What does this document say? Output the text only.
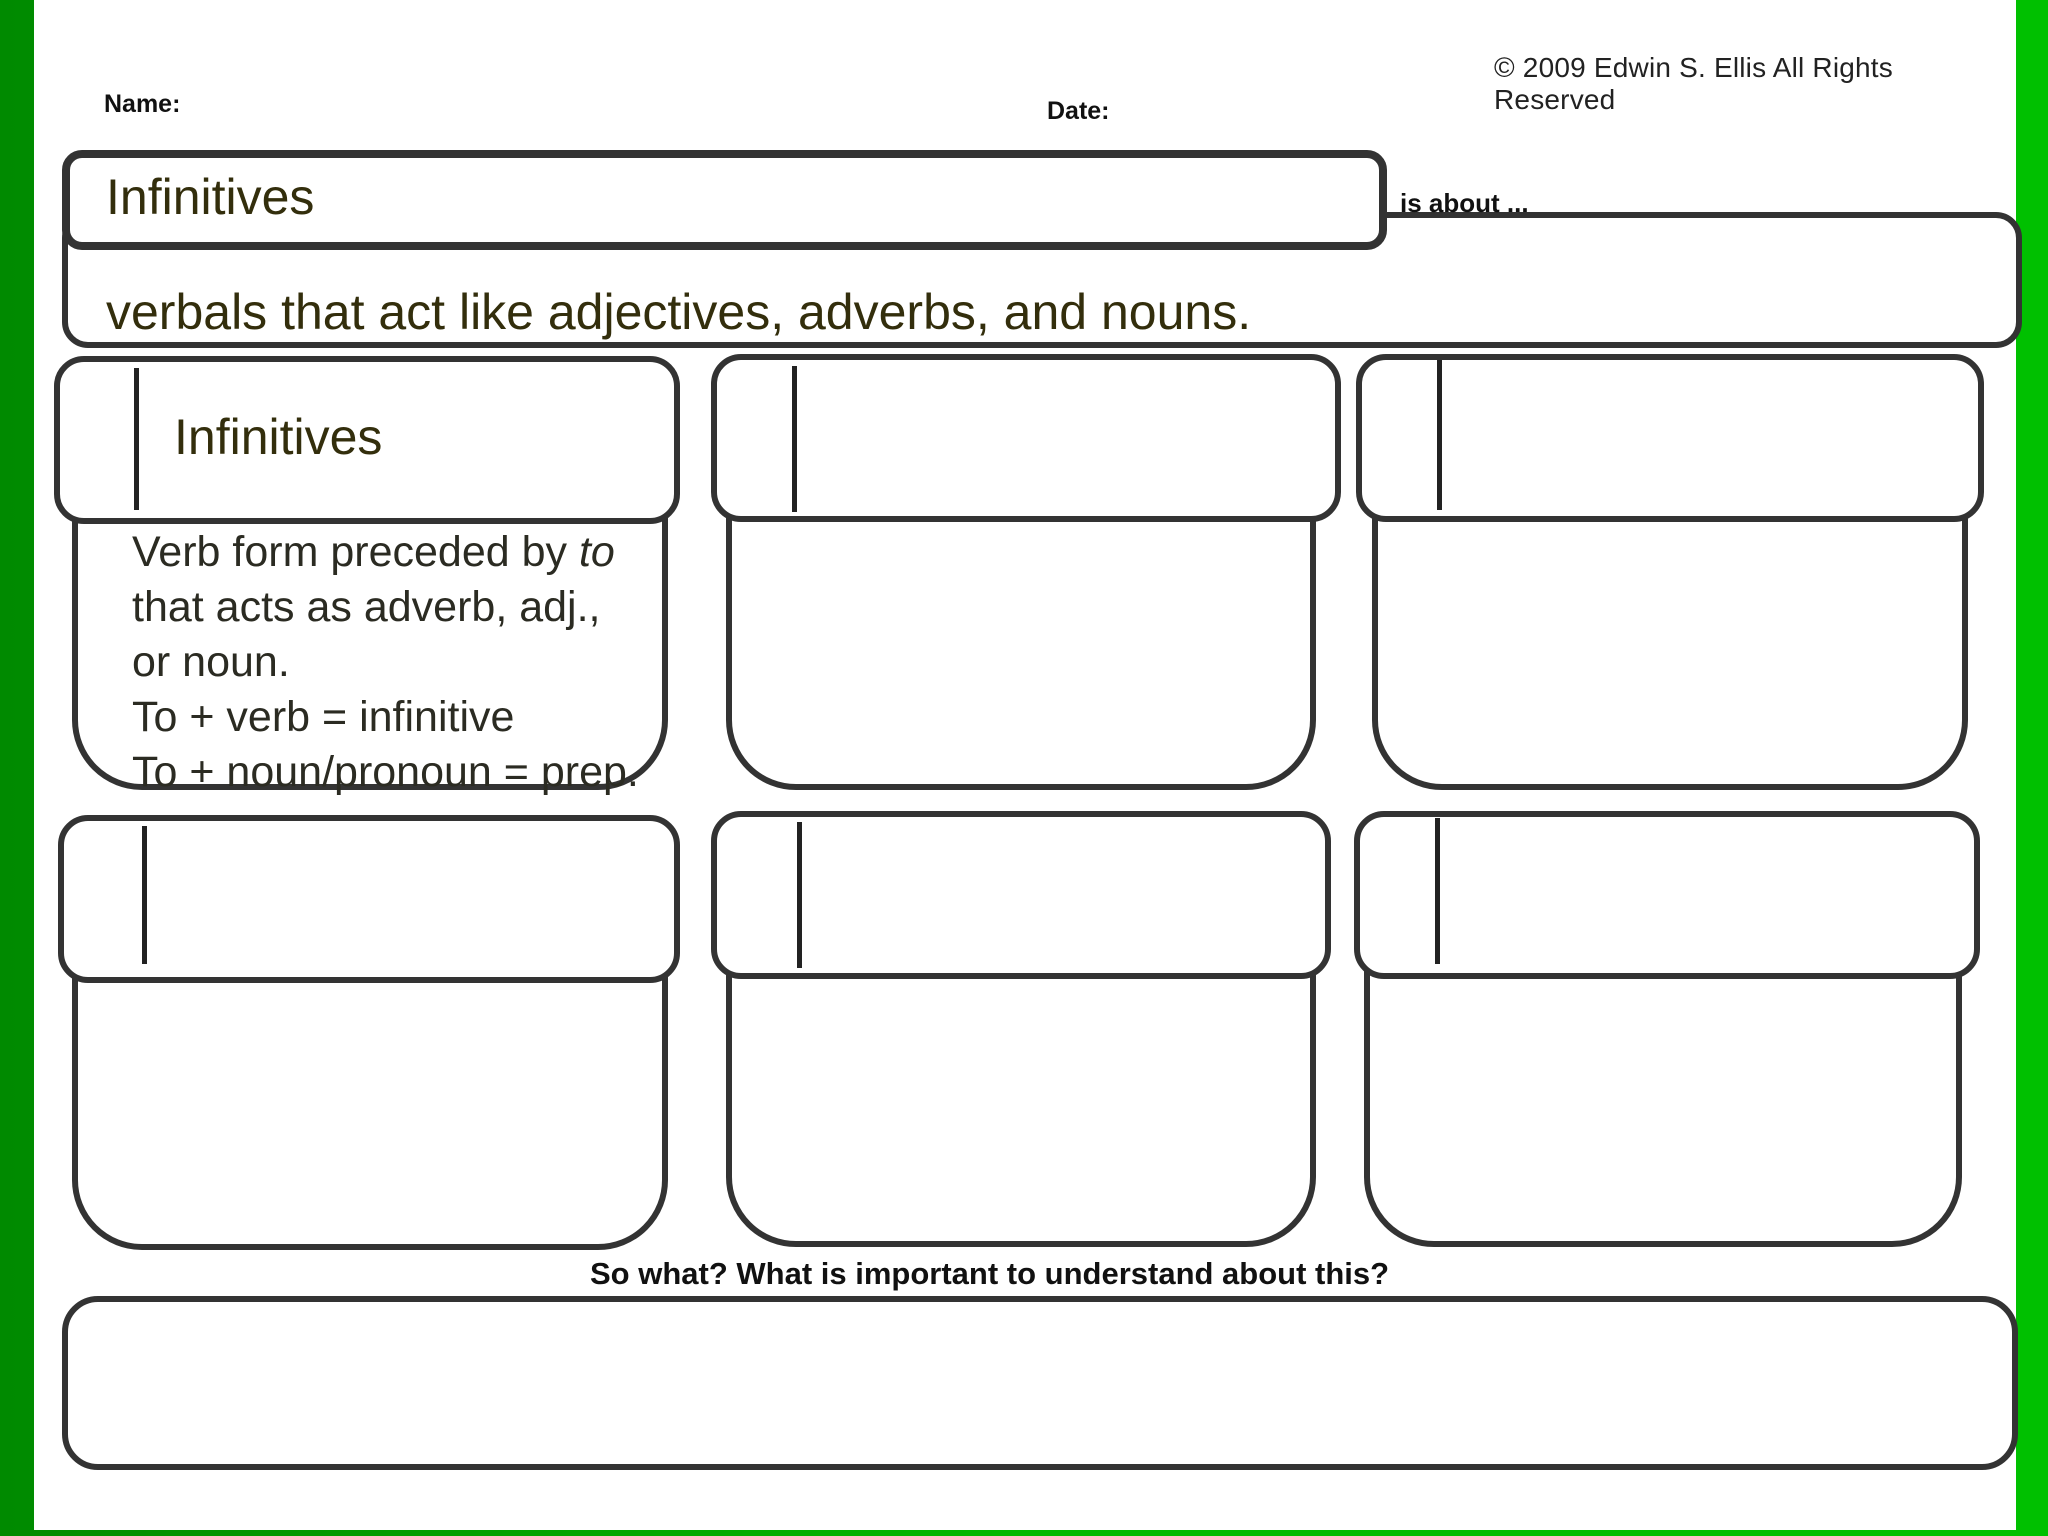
Name:	Date:
© 2009 Edwin S. Ellis All Rights Reserved
Infinitives	is about ...
verbals that act like adjectives, adverbs, and nouns.
Infinitives
Verb form preceded by to
that acts as adverb, adj.,
or noun.
To + verb = infinitive
To + noun/pronoun = prep.
So what? What is important to understand about this?
